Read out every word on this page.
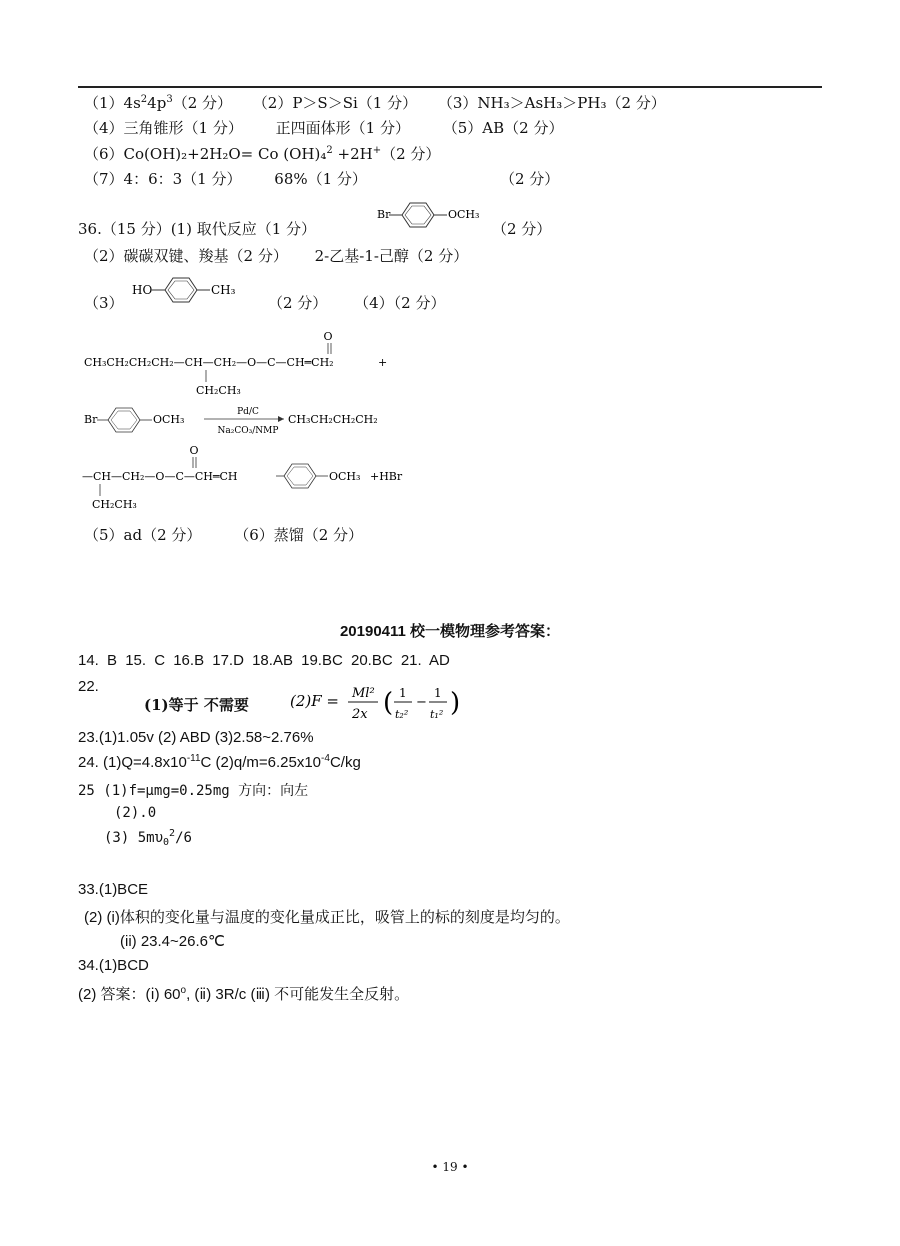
$(1)4s^24p^3(2$ 分） （2）P＞S＞Si（1 分） （3）NH₃＞AsH₃＞PH₃（2 分）
（4）三角锥形（1 分） 正四面体形（1 分） （5）AB（2 分）
（6）Co(OH)₂+2H₂O= Co (OH)₄$^2$ +2H+（2 分）
（7）4：6：3（1 分） 68%（1 分）	（2 分）
36.（15 分）(1) 取代反应（1 分）
Br	OCH₃
（2 分）
（2）碳碳双键、羧基（2 分） 2-乙基-1-己醇（2 分）
（3）
HO	CH₃
（2 分） （4）（2 分）
O
CH₃CH₂CH₂CH₂—CH—CH₂—O—C—CH═CH₂	+
CH₂CH₃
Br	OCH₃
Pd/C
Na₂CO₃/NMP
CH₃CH₂CH₂CH₂
O
—CH—CH₂—O—C—CH═CH	OCH₃ +HBr
CH₂CH₃
（5）ad（2 分） （6）蒸馏（2 分）
20190411 校一模物理参考答案：
14. B 15. C 16.B 17.D 18.AB 19.BC 20.BC 21. AD
22.
(1)等于 不需要	(2)F = Ml²
2x ( 1
t₂²
−
1
t₁² )
23.(1)1.05v (2) ABD (3)2.58~2.76%
24. $(1)Q=4.8x10^{-11}C$ $(2)q/m=6.25x10^{-4}C/kg$
25 (1)f=μmg=0.25mg 方向：向左
(2).0
(3) $5m\upsilon_0^2/6$
33.(1)BCE
(2) (i)体积的变化量与温度的变化量成正比，吸管上的标的刻度是均匀的。
(ii) 23.4~26.6℃
34.(1)BCD
(2) 答案：(ⅰ) 60$^o$, (ⅱ) 3R/c (ⅲ) 不可能发生全反射。
• 19 •
